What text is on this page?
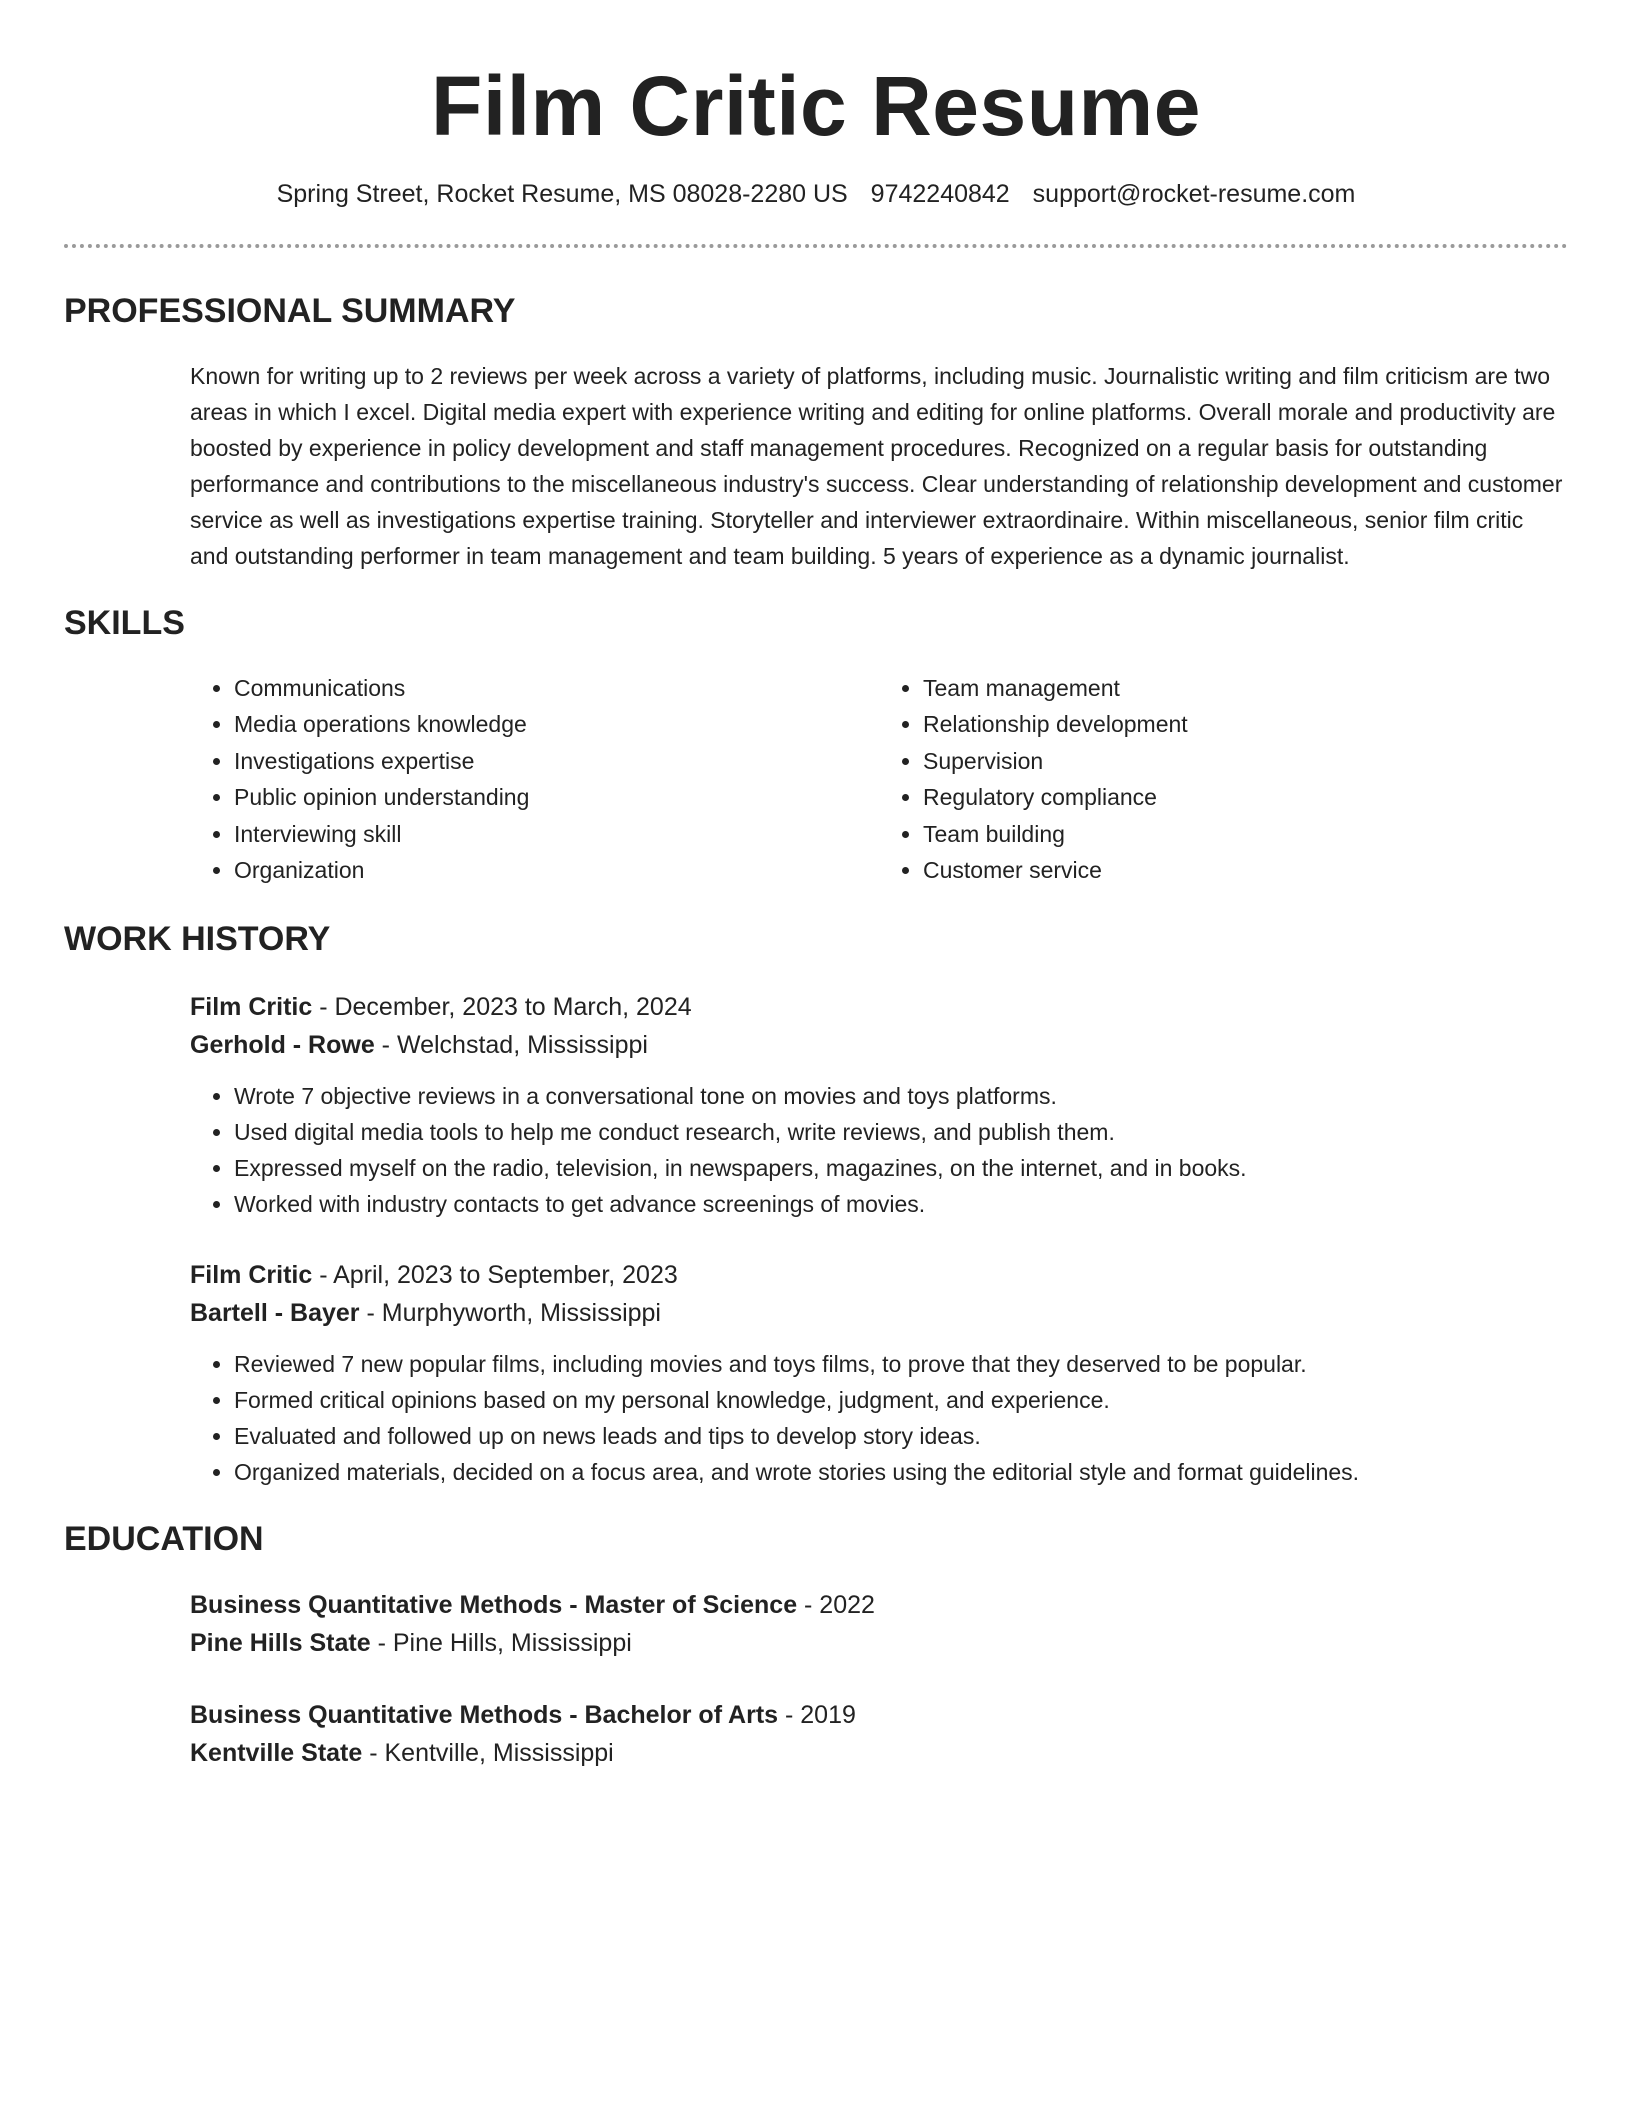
Film Critic Resume
Spring Street, Rocket Resume, MS 08028-2280 US 9742240842 support@rocket-resume.com
PROFESSIONAL SUMMARY
Known for writing up to 2 reviews per week across a variety of platforms, including music. Journalistic writing and film criticism are two areas in which I excel. Digital media expert with experience writing and editing for online platforms. Overall morale and productivity are boosted by experience in policy development and staff management procedures. Recognized on a regular basis for outstanding performance and contributions to the miscellaneous industry's success. Clear understanding of relationship development and customer service as well as investigations expertise training. Storyteller and interviewer extraordinaire. Within miscellaneous, senior film critic and outstanding performer in team management and team building. 5 years of experience as a dynamic journalist.
SKILLS
• Communications
• Media operations knowledge
• Investigations expertise
• Public opinion understanding
• Interviewing skill
• Organization
• Team management
• Relationship development
• Supervision
• Regulatory compliance
• Team building
• Customer service
WORK HISTORY
Film Critic - December, 2023 to March, 2024
Gerhold - Rowe - Welchstad, Mississippi
• Wrote 7 objective reviews in a conversational tone on movies and toys platforms.
• Used digital media tools to help me conduct research, write reviews, and publish them.
• Expressed myself on the radio, television, in newspapers, magazines, on the internet, and in books.
• Worked with industry contacts to get advance screenings of movies.
Film Critic - April, 2023 to September, 2023
Bartell - Bayer - Murphyworth, Mississippi
• Reviewed 7 new popular films, including movies and toys films, to prove that they deserved to be popular.
• Formed critical opinions based on my personal knowledge, judgment, and experience.
• Evaluated and followed up on news leads and tips to develop story ideas.
• Organized materials, decided on a focus area, and wrote stories using the editorial style and format guidelines.
EDUCATION
Business Quantitative Methods - Master of Science - 2022
Pine Hills State - Pine Hills, Mississippi
Business Quantitative Methods - Bachelor of Arts - 2019
Kentville State - Kentville, Mississippi
